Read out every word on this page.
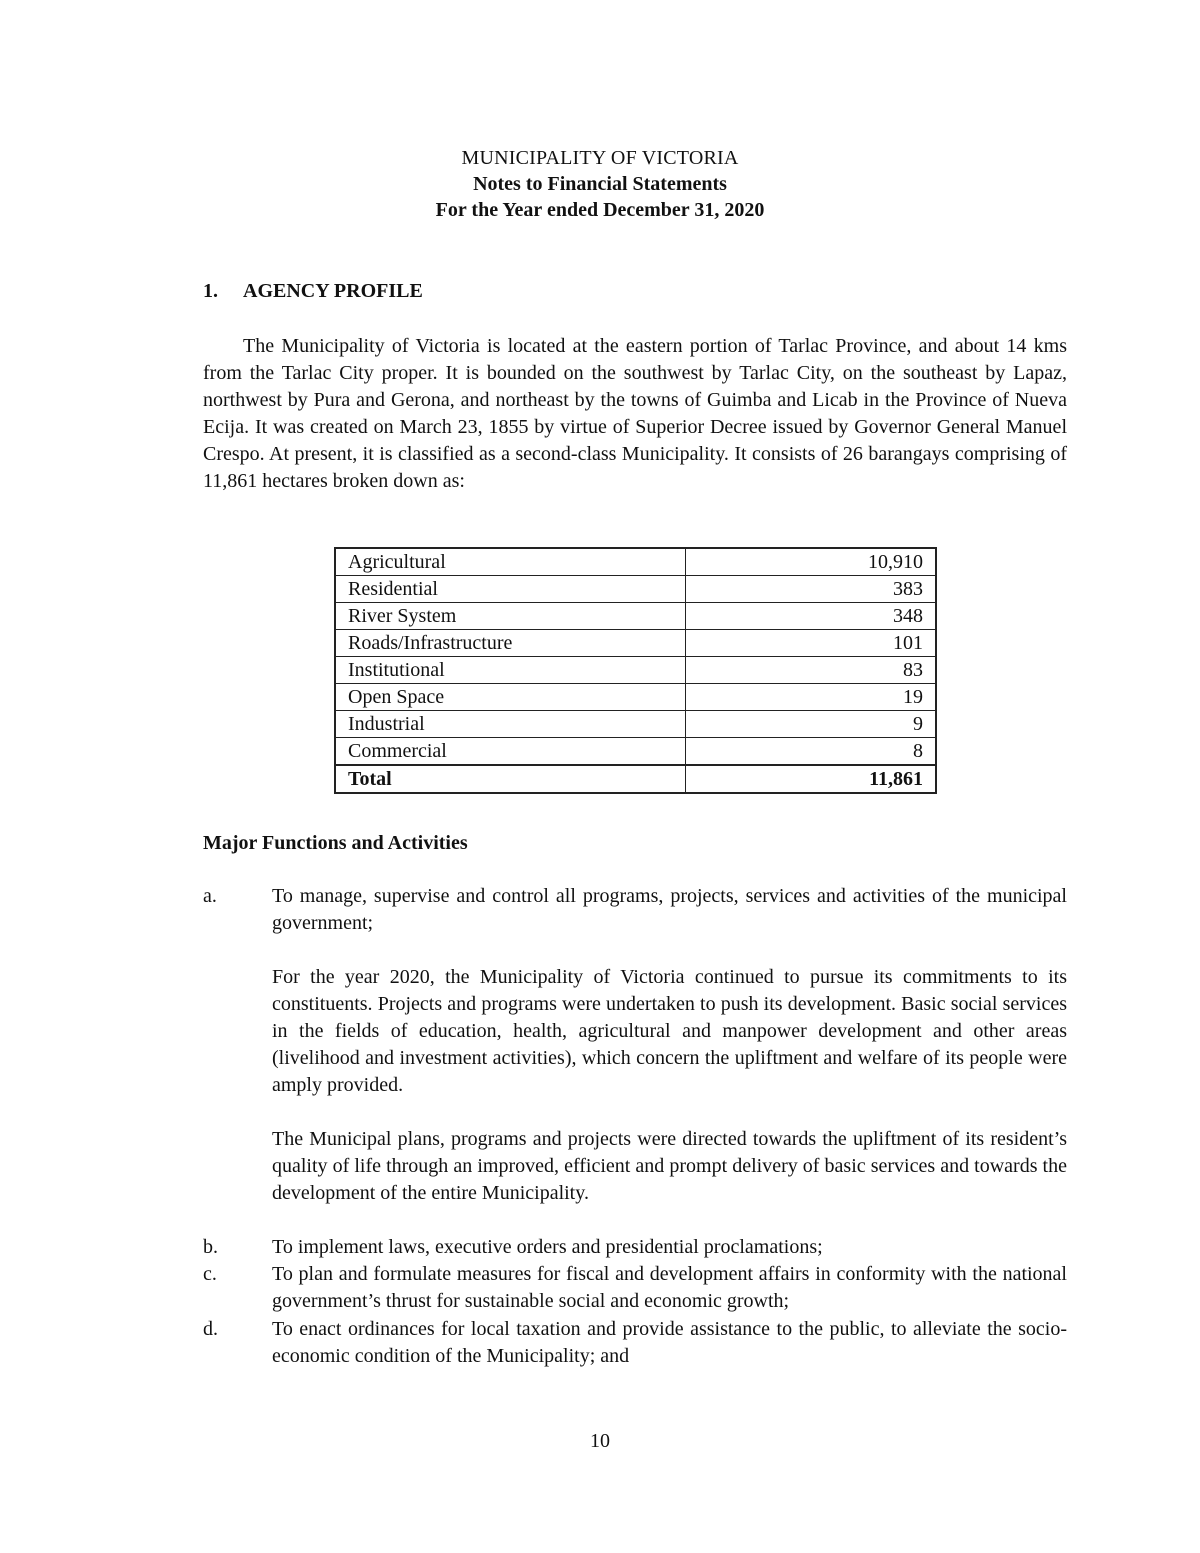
MUNICIPALITY OF VICTORIA
Notes to Financial Statements
For the Year ended December 31, 2020
1. AGENCY PROFILE
The Municipality of Victoria is located at the eastern portion of Tarlac Province, and about 14 kms from the Tarlac City proper. It is bounded on the southwest by Tarlac City, on the southeast by Lapaz, northwest by Pura and Gerona, and northeast by the towns of Guimba and Licab in the Province of Nueva Ecija. It was created on March 23, 1855 by virtue of Superior Decree issued by Governor General Manuel Crespo. At present, it is classified as a second-class Municipality. It consists of 26 barangays comprising of 11,861 hectares broken down as:
Agricultural	10,910
Residential	383
River System	348
Roads/Infrastructure	101
Institutional	83
Open Space	19
Industrial	9
Commercial	8
Total	11,861
Major Functions and Activities
a.	To manage, supervise and control all programs, projects, services and activities of the municipal government;
For the year 2020, the Municipality of Victoria continued to pursue its commitments to its constituents. Projects and programs were undertaken to push its development. Basic social services in the fields of education, health, agricultural and manpower development and other areas (livelihood and investment activities), which concern the upliftment and welfare of its people were amply provided.
The Municipal plans, programs and projects were directed towards the upliftment of its resident’s quality of life through an improved, efficient and prompt delivery of basic services and towards the development of the entire Municipality.
b.	To implement laws, executive orders and presidential proclamations;
c.	To plan and formulate measures for fiscal and development affairs in conformity with the national government’s thrust for sustainable social and economic growth;
d.	To enact ordinances for local taxation and provide assistance to the public, to alleviate the socio-economic condition of the Municipality; and
10
